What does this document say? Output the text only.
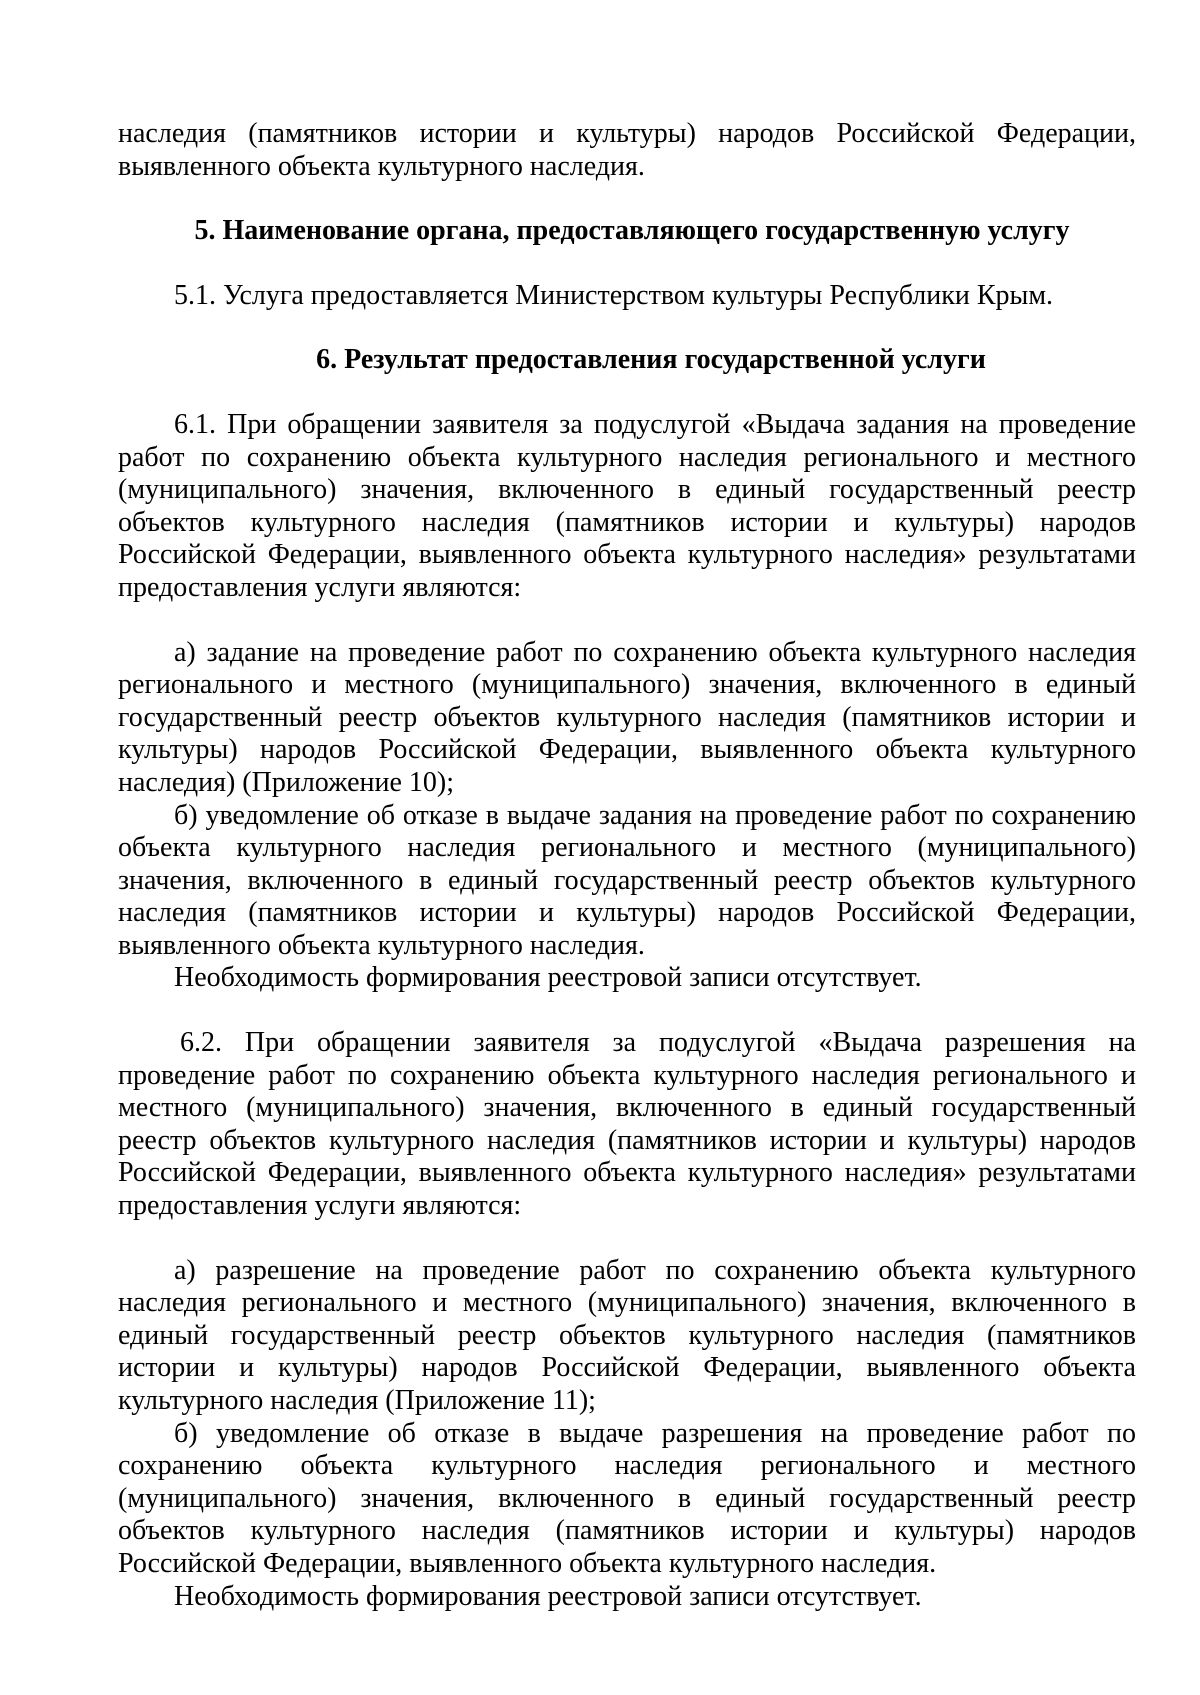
наследия (памятников истории и культуры) народов Российской Федерации, выявленного объекта культурного наследия.

5. Наименование органа, предоставляющего государственную услугу

5.1. Услуга предоставляется Министерством культуры Республики Крым.

6. Результат предоставления государственной услуги

6.1. При обращении заявителя за подуслугой «Выдача задания на проведение работ по сохранению объекта культурного наследия регионального и местного (муниципального) значения, включенного в единый государственный реестр объектов культурного наследия (памятников истории и культуры) народов Российской Федерации, выявленного объекта культурного наследия» результатами предоставления услуги являются:

а) задание на проведение работ по сохранению объекта культурного наследия регионального и местного (муниципального) значения, включенного в единый государственный реестр объектов культурного наследия (памятников истории и культуры) народов Российской Федерации, выявленного объекта культурного наследия) (Приложение 10);

б) уведомление об отказе в выдаче задания на проведение работ по сохранению объекта культурного наследия регионального и местного (муниципального) значения, включенного в единый государственный реестр объектов культурного наследия (памятников истории и культуры) народов Российской Федерации, выявленного объекта культурного наследия.

Необходимость формирования реестровой записи отсутствует.

6.2. При обращении заявителя за подуслугой «Выдача разрешения на проведение работ по сохранению объекта культурного наследия регионального и местного (муниципального) значения, включенного в единый государственный реестр объектов культурного наследия (памятников истории и культуры) народов Российской Федерации, выявленного объекта культурного наследия» результатами предоставления услуги являются:

а) разрешение на проведение работ по сохранению объекта культурного наследия регионального и местного (муниципального) значения, включенного в единый государственный реестр объектов культурного наследия (памятников истории и культуры) народов Российской Федерации, выявленного объекта культурного наследия (Приложение 11);

б) уведомление об отказе в выдаче разрешения на проведение работ по сохранению объекта культурного наследия регионального и местного (муниципального) значения, включенного в единый государственный реестр объектов культурного наследия (памятников истории и культуры) народов Российской Федерации, выявленного объекта культурного наследия.

Необходимость формирования реестровой записи отсутствует.
